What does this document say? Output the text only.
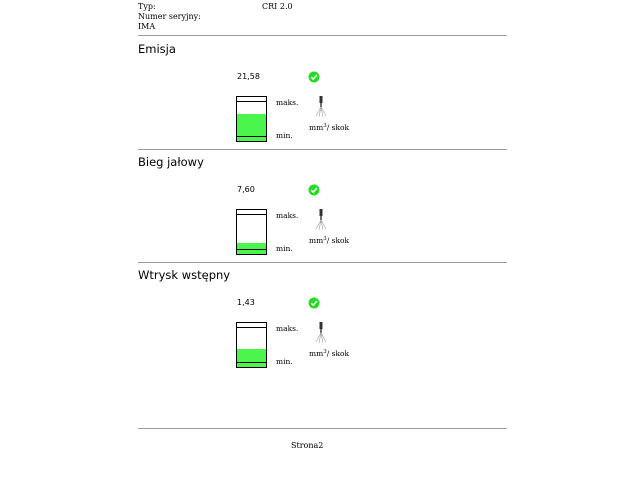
Typ:	CRI 2.0
Numer seryjny:
IMA
Emisja
21,58
maks.
min.
$mm^3/$ skok
Bieg jałowy
7,60
maks.
min.
$mm^3/$ skok
Wtrysk wstępny
1,43
maks.
min.
$mm^3/$ skok
Strona2
